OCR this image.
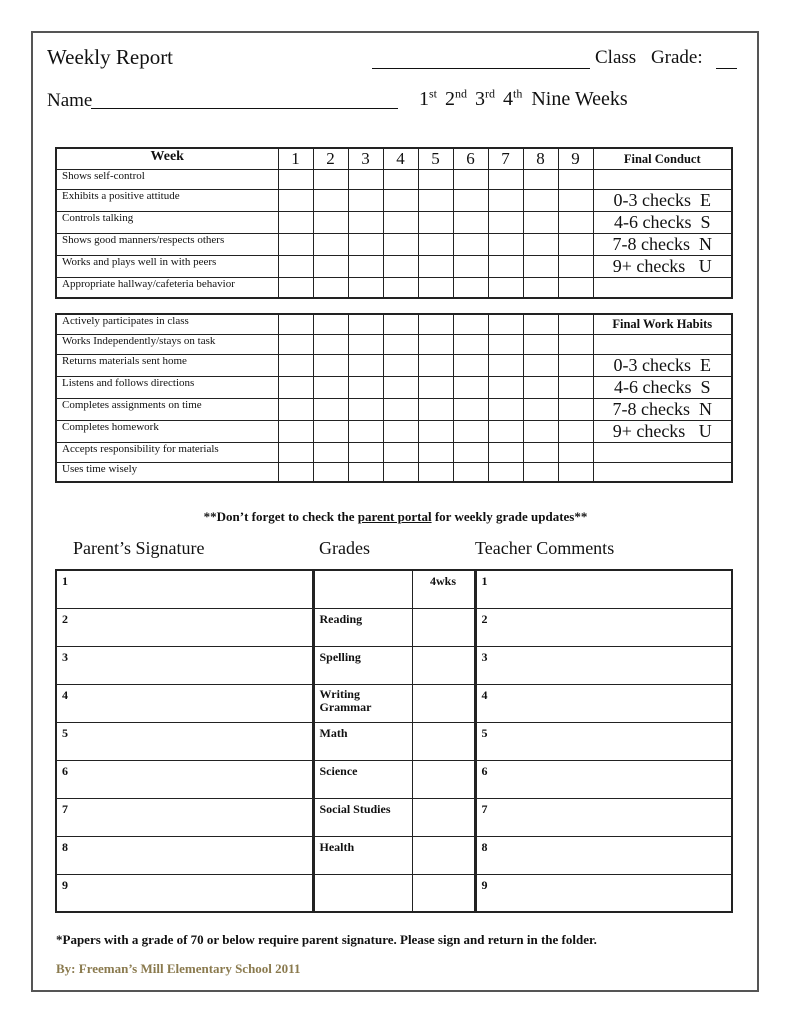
Weekly Report	Class Grade:
Name	1st 2nd 3rd 4th Nine Weeks
Week	1	2	3	4	5	6	7	8	9	Final Conduct
Shows self-control										
Exhibits a positive attitude										0-3 checks  E
Controls talking										4-6 checks  S
Shows good manners/respects others										7-8 checks  N
Works and plays well in with peers										9+ checks   U
Appropriate hallway/cafeteria behavior										
Actively participates in class										Final Work Habits
Works Independently/stays on task										
Returns materials sent home										0-3 checks  E
Listens and follows directions										4-6 checks  S
Completes assignments on time										7-8 checks  N
Completes homework										9+ checks   U
Accepts responsibility for materials										
Uses time wisely										
**Don’t forget to check the parent portal for weekly grade updates**
Parent’s Signature	Grades	Teacher Comments
1		4wks	1
2	Reading		2
3	Spelling		3
4	Writing Grammar		4
5	Math		5
6	Science		6
7	Social Studies		7
8	Health		8
9			9
*Papers with a grade of 70 or below require parent signature. Please sign and return in the folder.
By: Freeman’s Mill Elementary School 2011
